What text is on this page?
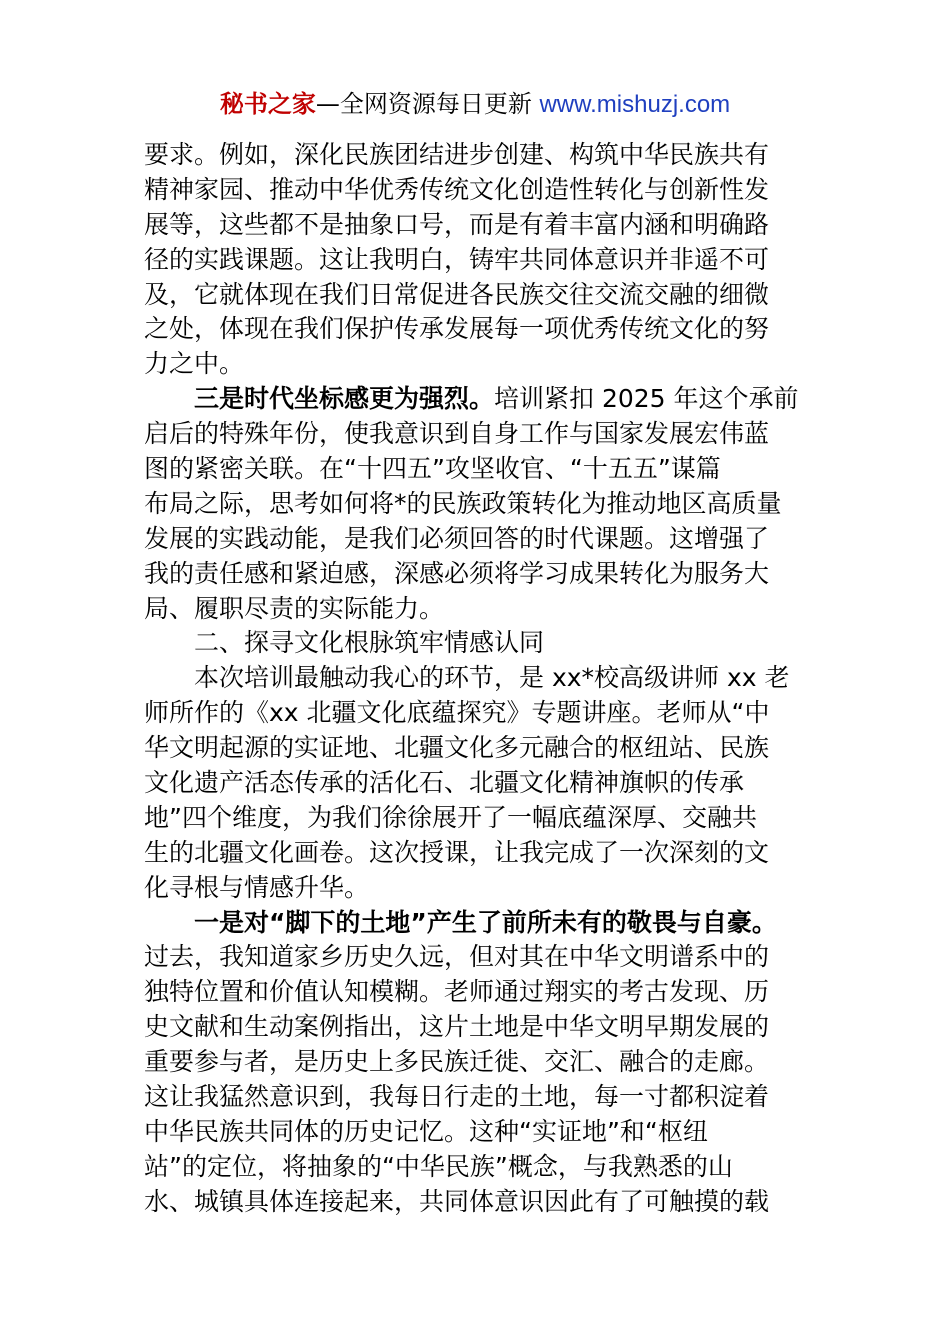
秘书之家—全网资源每日更新 www.mishuzj.com
要求。例如，深化民族团结进步创建、构筑中华民族共有
精神家园、推动中华优秀传统文化创造性转化与创新性发
展等，这些都不是抽象口号，而是有着丰富内涵和明确路
径的实践课题。这让我明白，铸牢共同体意识并非遥不可
及，它就体现在我们日常促进各民族交往交流交融的细微
之处，体现在我们保护传承发展每一项优秀传统文化的努
力之中。
三是时代坐标感更为强烈。培训紧扣 2025 年这个承前
启后的特殊年份，使我意识到自身工作与国家发展宏伟蓝
图的紧密关联。在“十四五”攻坚收官、“十五五”谋篇
布局之际，思考如何将*的民族政策转化为推动地区高质量
发展的实践动能，是我们必须回答的时代课题。这增强了
我的责任感和紧迫感，深感必须将学习成果转化为服务大
局、履职尽责的实际能力。
二、探寻文化根脉筑牢情感认同
本次培训最触动我心的环节，是 xx*校高级讲师 xx 老
师所作的《xx 北疆文化底蕴探究》专题讲座。老师从“中
华文明起源的实证地、北疆文化多元融合的枢纽站、民族
文化遗产活态传承的活化石、北疆文化精神旗帜的传承
地”四个维度，为我们徐徐展开了一幅底蕴深厚、交融共
生的北疆文化画卷。这次授课，让我完成了一次深刻的文
化寻根与情感升华。
一是对“脚下的土地”产生了前所未有的敬畏与自豪。
过去，我知道家乡历史久远，但对其在中华文明谱系中的
独特位置和价值认知模糊。老师通过翔实的考古发现、历
史文献和生动案例指出，这片土地是中华文明早期发展的
重要参与者，是历史上多民族迁徙、交汇、融合的走廊。
这让我猛然意识到，我每日行走的土地，每一寸都积淀着
中华民族共同体的历史记忆。这种“实证地”和“枢纽
站”的定位，将抽象的“中华民族”概念，与我熟悉的山
水、城镇具体连接起来，共同体意识因此有了可触摸的载
